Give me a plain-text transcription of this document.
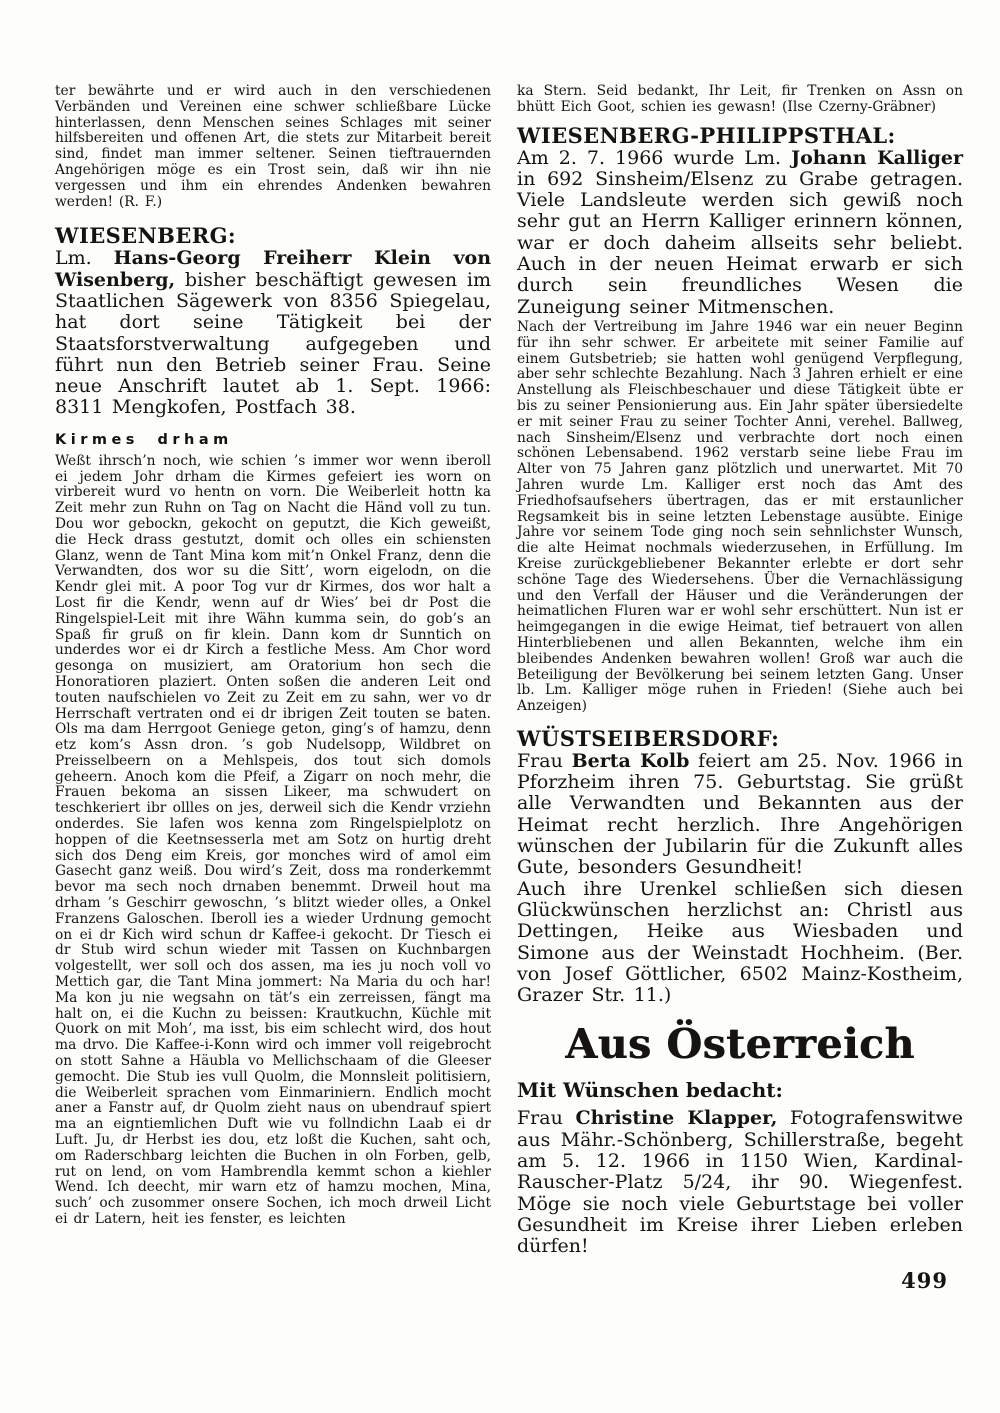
ter bewährte und er wird auch in den verschiedenen Verbänden und Vereinen eine schwer schließbare Lücke hinterlassen, denn Menschen seines Schlages mit seiner hilfsbereiten und offenen Art, die stets zur Mitarbeit bereit sind, findet man immer seltener. Seinen tieftrauernden Angehörigen möge es ein Trost sein, daß wir ihn nie vergessen und ihm ein ehrendes Andenken bewahren werden! (R. F.)

WIESENBERG:

Lm. Hans-Georg Freiherr Klein von Wisenberg, bisher beschäftigt gewesen im Staatlichen Sägewerk von 8356 Spiegelau, hat dort seine Tätigkeit bei der Staatsforstverwaltung aufgegeben und führt nun den Betrieb seiner Frau. Seine neue Anschrift lautet ab 1. Sept. 1966: 8311 Mengkofen, Postfach 38.

Kirmes drham

Weßt ihrsch’n noch, wie schien ’s immer wor wenn iberoll ei jedem Johr drham die Kirmes gefeiert ies worn on virbereit wurd vo hentn on vorn. Die Weiberleit hottn ka Zeit mehr zun Ruhn on Tag on Nacht die Händ voll zu tun. Dou wor gebockn, gekocht on geputzt, die Kich geweißt, die Heck drass gestutzt, domit och olles ein schiensten Glanz, wenn de Tant Mina kom mit’n Onkel Franz, denn die Verwandten, dos wor su die Sitt’, worn eigelodn, on die Kendr glei mit. A poor Tog vur dr Kirmes, dos wor halt a Lost fir die Kendr, wenn auf dr Wies’ bei dr Post die Ringelspiel-Leit mit ihre Wähn kumma sein, do gob’s an Spaß fir gruß on fir klein. Dann kom dr Sunntich on underdes wor ei dr Kirch a festliche Mess. Am Chor word gesonga on musiziert, am Oratorium hon sech die Honoratioren plaziert. Onten soßen die anderen Leit ond touten naufschielen vo Zeit zu Zeit em zu sahn, wer vo dr Herrschaft vertraten ond ei dr ibrigen Zeit touten se baten. Ols ma dam Herrgoot Geniege geton, ging’s of hamzu, denn etz kom’s Assn dron. ’s gob Nudelsopp, Wildbret on Preisselbeern on a Mehlspeis, dos tout sich domols geheern. Anoch kom die Pfeif, a Zigarr on noch mehr, die Frauen bekoma an sissen Likeer, ma schwudert on teschkeriert ibr ollles on jes, derweil sich die Kendr vrziehn onderdes. Sie lafen wos kenna zom Ringelspielplotz on hoppen of die Keetnsesserla met am Sotz on hurtig dreht sich dos Deng eim Kreis, gor monches wird of amol eim Gasecht ganz weiß. Dou wird’s Zeit, doss ma ronderkemmt bevor ma sech noch drnaben benemmt. Drweil hout ma drham ’s Geschirr gewoschn, ’s blitzt wieder olles, a Onkel Franzens Galoschen. Iberoll ies a wieder Urdnung gemocht on ei dr Kich wird schun dr Kaffee-i gekocht. Dr Tiesch ei dr Stub wird schun wieder mit Tassen on Kuchnbargen volgestellt, wer soll och dos assen, ma ies ju noch voll vo Mettich gar, die Tant Mina jommert: Na Maria du och har! Ma kon ju nie wegsahn on tät’s ein zerreissen, fängt ma halt on, ei die Kuchn zu beissen: Krautkuchn, Küchle mit Quork on mit Moh’, ma isst, bis eim schlecht wird, dos hout ma drvo. Die Kaffee-i-Konn wird och immer voll reigebrocht on stott Sahne a Häubla vo Mellichschaam of die Gleeser gemocht. Die Stub ies vull Quolm, die Monnsleit politisiern, die Weiberleit sprachen vom Einmariniern. Endlich mocht aner a Fanstr auf, dr Quolm zieht naus on ubendrauf spiert ma an eigntiemlichen Duft wie vu follndichn Laab ei dr Luft. Ju, dr Herbst ies dou, etz loßt die Kuchen, saht och, om Raderschbarg leichten die Buchen in oln Forben, gelb, rut on lend, on vom Hambrendla kemmt schon a kiehler Wend. Ich deecht, mir warn etz of hamzu mochen, Mina, such’ och zusommer onsere Sochen, ich moch drweil Licht ei dr Latern, heit ies fenster, es leichten

ka Stern. Seid bedankt, Ihr Leit, fir Trenken on Assn on bhütt Eich Goot, schien ies gewasn! (Ilse Czerny-Gräbner)

WIESENBERG-PHILIPPSTHAL:

Am 2. 7. 1966 wurde Lm. Johann Kalliger in 692 Sinsheim/Elsenz zu Grabe getragen. Viele Landsleute werden sich gewiß noch sehr gut an Herrn Kalliger erinnern können, war er doch daheim allseits sehr beliebt. Auch in der neuen Heimat erwarb er sich durch sein freundliches Wesen die Zuneigung seiner Mitmenschen.

Nach der Vertreibung im Jahre 1946 war ein neuer Beginn für ihn sehr schwer. Er arbeitete mit seiner Familie auf einem Gutsbetrieb; sie hatten wohl genügend Verpflegung, aber sehr schlechte Bezahlung. Nach 3 Jahren erhielt er eine Anstellung als Fleischbeschauer und diese Tätigkeit übte er bis zu seiner Pensionierung aus. Ein Jahr später übersiedelte er mit seiner Frau zu seiner Tochter Anni, verehel. Ballweg, nach Sinsheim/Elsenz und verbrachte dort noch einen schönen Lebensabend. 1962 verstarb seine liebe Frau im Alter von 75 Jahren ganz plötzlich und unerwartet. Mit 70 Jahren wurde Lm. Kalliger erst noch das Amt des Friedhofsaufsehers übertragen, das er mit erstaunlicher Regsamkeit bis in seine letzten Lebenstage ausübte. Einige Jahre vor seinem Tode ging noch sein sehnlichster Wunsch, die alte Heimat nochmals wiederzusehen, in Erfüllung. Im Kreise zurückgebliebener Bekannter erlebte er dort sehr schöne Tage des Wiedersehens. Über die Vernachlässigung und den Verfall der Häuser und die Veränderungen der heimatlichen Fluren war er wohl sehr erschüttert. Nun ist er heimgegangen in die ewige Heimat, tief betrauert von allen Hinterbliebenen und allen Bekannten, welche ihm ein bleibendes Andenken bewahren wollen! Groß war auch die Beteiligung der Bevölkerung bei seinem letzten Gang. Unser lb. Lm. Kalliger möge ruhen in Frieden! (Siehe auch bei Anzeigen)

WÜSTSEIBERSDORF:

Frau Berta Kolb feiert am 25. Nov. 1966 in Pforzheim ihren 75. Geburtstag. Sie grüßt alle Verwandten und Bekannten aus der Heimat recht herzlich. Ihre Angehörigen wünschen der Jubilarin für die Zukunft alles Gute, besonders Gesundheit!

Auch ihre Urenkel schließen sich diesen Glückwünschen herzlichst an: Christl aus Dettingen, Heike aus Wiesbaden und Simone aus der Weinstadt Hochheim. (Ber. von Josef Göttlicher, 6502 Mainz-Kostheim, Grazer Str. 11.)

Aus Österreich
Mit Wünschen bedacht:

Frau Christine Klapper, Fotografenswitwe aus Mähr.-Schönberg, Schillerstraße, begeht am 5. 12. 1966 in 1150 Wien, Kardinal-Rauscher-Platz 5/24, ihr 90. Wiegenfest. Möge sie noch viele Geburtstage bei voller Gesundheit im Kreise ihrer Lieben erleben dürfen!

499
